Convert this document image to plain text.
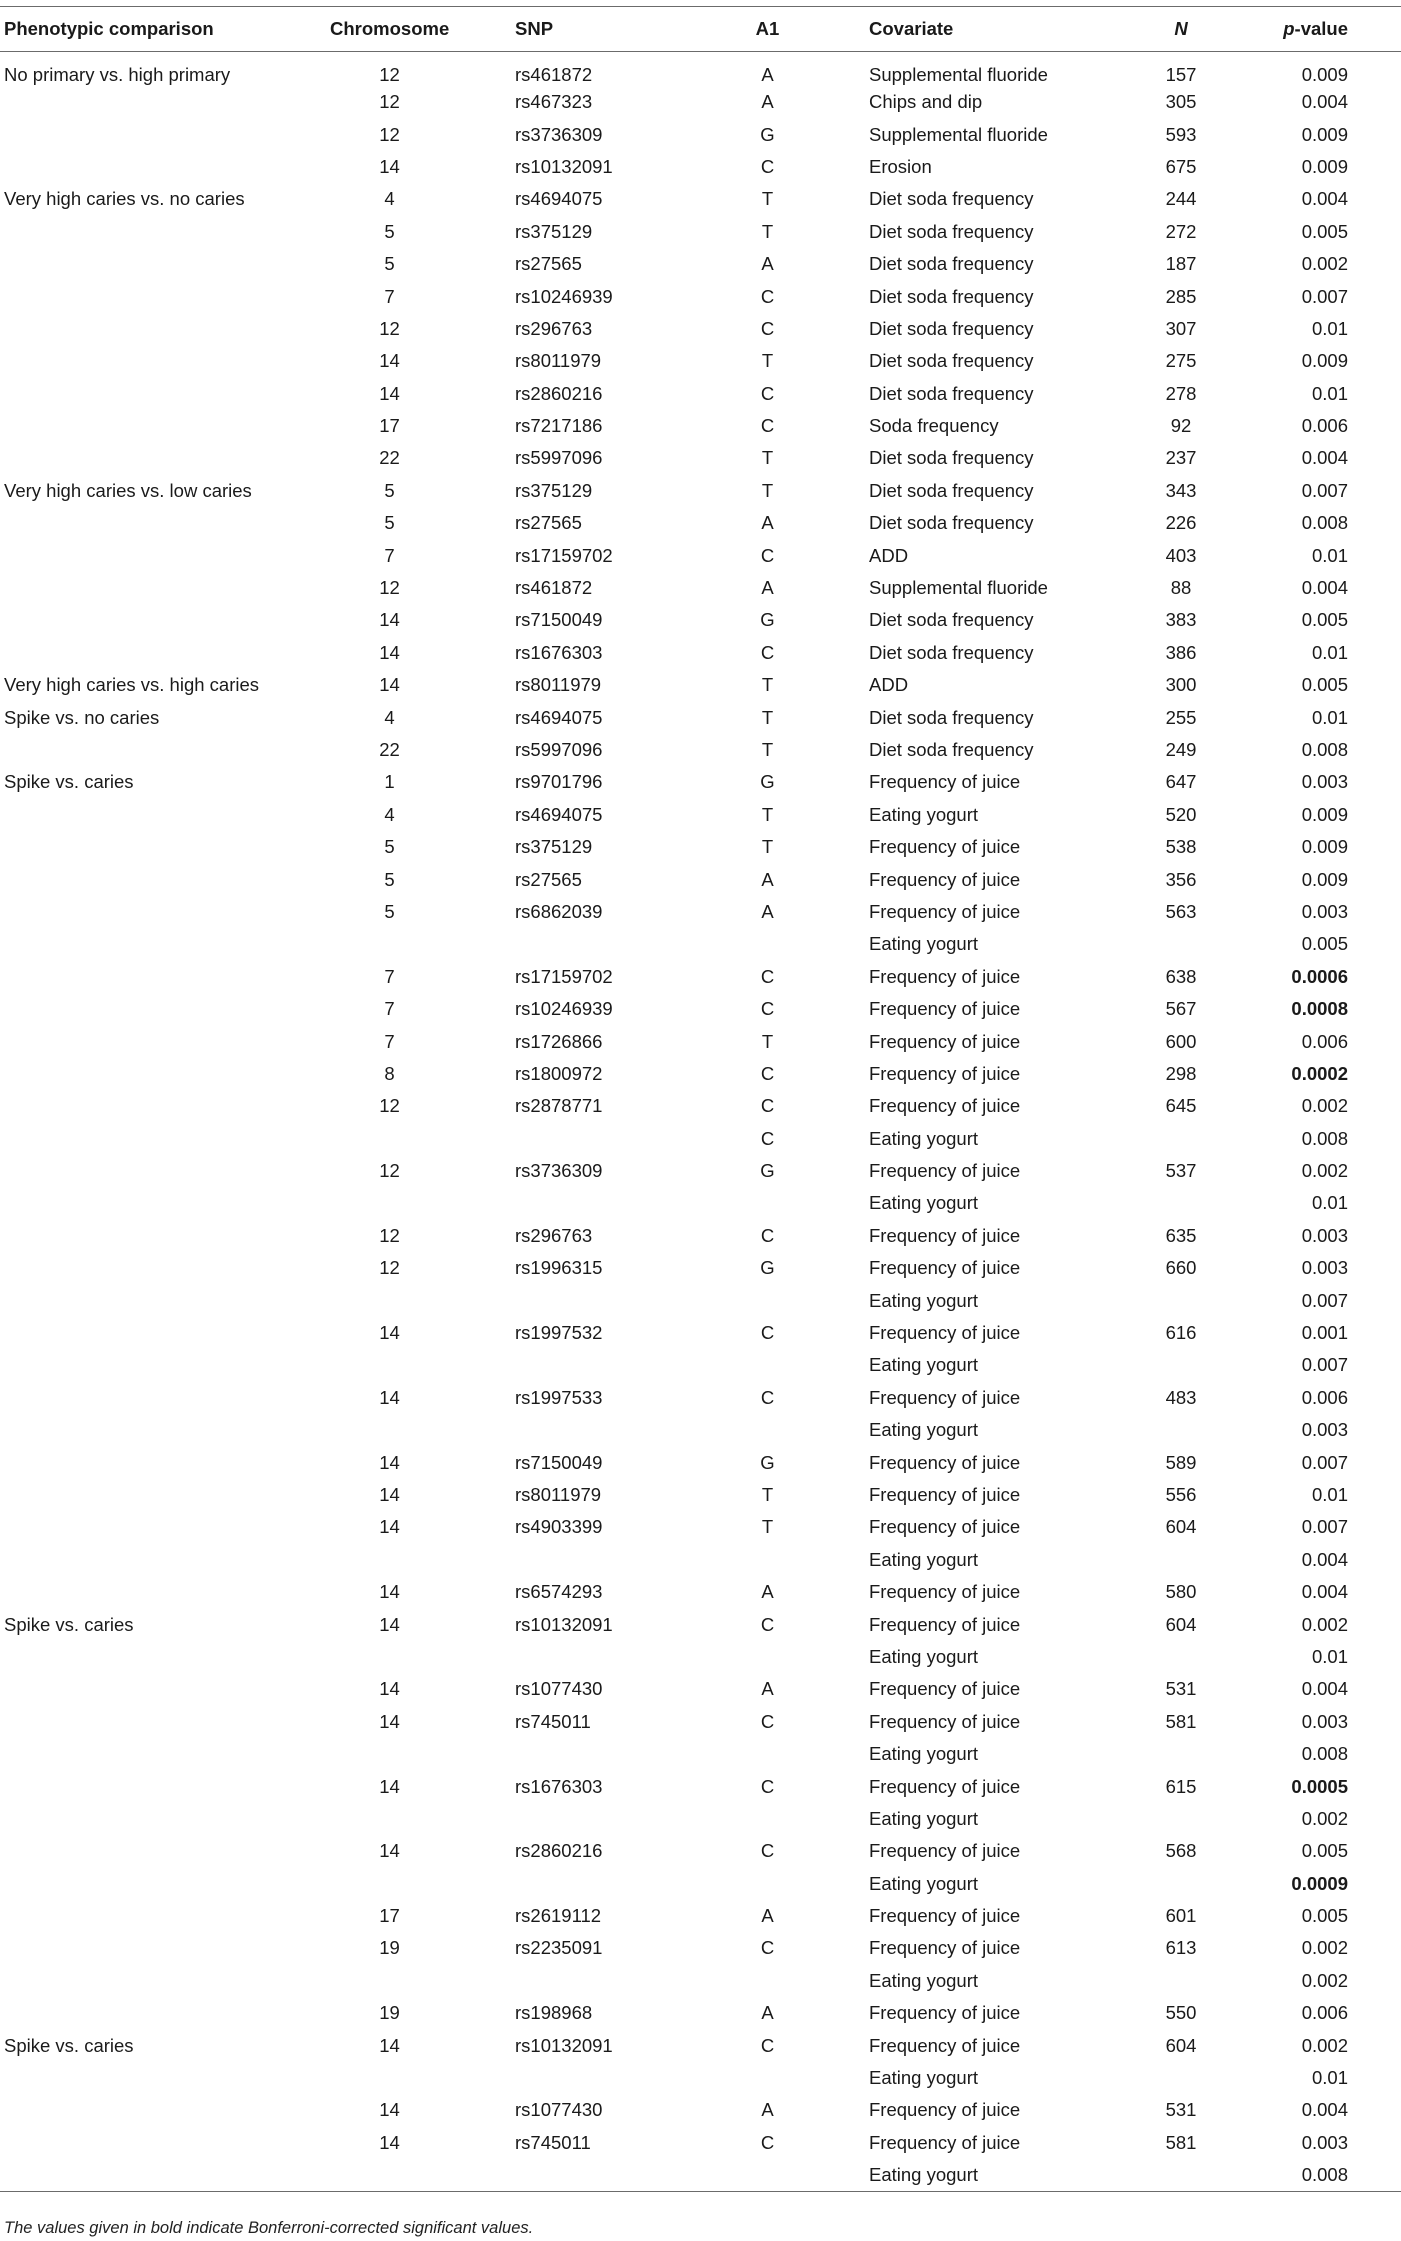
Phenotypic comparison	Chromosome	SNP	A1	Covariate	N	p-value
No primary vs. high primary	12	rs461872	A	Supplemental fluoride	157	0.009
	12	rs467323	A	Chips and dip	305	0.004
	12	rs3736309	G	Supplemental fluoride	593	0.009
	14	rs10132091	C	Erosion	675	0.009
Very high caries vs. no caries	4	rs4694075	T	Diet soda frequency	244	0.004
	5	rs375129	T	Diet soda frequency	272	0.005
	5	rs27565	A	Diet soda frequency	187	0.002
	7	rs10246939	C	Diet soda frequency	285	0.007
	12	rs296763	C	Diet soda frequency	307	0.01
	14	rs8011979	T	Diet soda frequency	275	0.009
	14	rs2860216	C	Diet soda frequency	278	0.01
	17	rs7217186	C	Soda frequency	92	0.006
	22	rs5997096	T	Diet soda frequency	237	0.004
Very high caries vs. low caries	5	rs375129	T	Diet soda frequency	343	0.007
	5	rs27565	A	Diet soda frequency	226	0.008
	7	rs17159702	C	ADD	403	0.01
	12	rs461872	A	Supplemental fluoride	88	0.004
	14	rs7150049	G	Diet soda frequency	383	0.005
	14	rs1676303	C	Diet soda frequency	386	0.01
Very high caries vs. high caries	14	rs8011979	T	ADD	300	0.005
Spike vs. no caries	4	rs4694075	T	Diet soda frequency	255	0.01
	22	rs5997096	T	Diet soda frequency	249	0.008
Spike vs. caries	1	rs9701796	G	Frequency of juice	647	0.003
	4	rs4694075	T	Eating yogurt	520	0.009
	5	rs375129	T	Frequency of juice	538	0.009
	5	rs27565	A	Frequency of juice	356	0.009
	5	rs6862039	A	Frequency of juice	563	0.003
				Eating yogurt		0.005
	7	rs17159702	C	Frequency of juice	638	0.0006
	7	rs10246939	C	Frequency of juice	567	0.0008
	7	rs1726866	T	Frequency of juice	600	0.006
	8	rs1800972	C	Frequency of juice	298	0.0002
	12	rs2878771	C	Frequency of juice	645	0.002
			C	Eating yogurt		0.008
	12	rs3736309	G	Frequency of juice	537	0.002
				Eating yogurt		0.01
	12	rs296763	C	Frequency of juice	635	0.003
	12	rs1996315	G	Frequency of juice	660	0.003
				Eating yogurt		0.007
	14	rs1997532	C	Frequency of juice	616	0.001
				Eating yogurt		0.007
	14	rs1997533	C	Frequency of juice	483	0.006
				Eating yogurt		0.003
	14	rs7150049	G	Frequency of juice	589	0.007
	14	rs8011979	T	Frequency of juice	556	0.01
	14	rs4903399	T	Frequency of juice	604	0.007
				Eating yogurt		0.004
	14	rs6574293	A	Frequency of juice	580	0.004
Spike vs. caries	14	rs10132091	C	Frequency of juice	604	0.002
				Eating yogurt		0.01
	14	rs1077430	A	Frequency of juice	531	0.004
	14	rs745011	C	Frequency of juice	581	0.003
				Eating yogurt		0.008
	14	rs1676303	C	Frequency of juice	615	0.0005
				Eating yogurt		0.002
	14	rs2860216	C	Frequency of juice	568	0.005
				Eating yogurt		0.0009
	17	rs2619112	A	Frequency of juice	601	0.005
	19	rs2235091	C	Frequency of juice	613	0.002
				Eating yogurt		0.002
	19	rs198968	A	Frequency of juice	550	0.006
Spike vs. caries	14	rs10132091	C	Frequency of juice	604	0.002
				Eating yogurt		0.01
	14	rs1077430	A	Frequency of juice	531	0.004
	14	rs745011	C	Frequency of juice	581	0.003
				Eating yogurt		0.008
The values given in bold indicate Bonferroni-corrected significant values.
